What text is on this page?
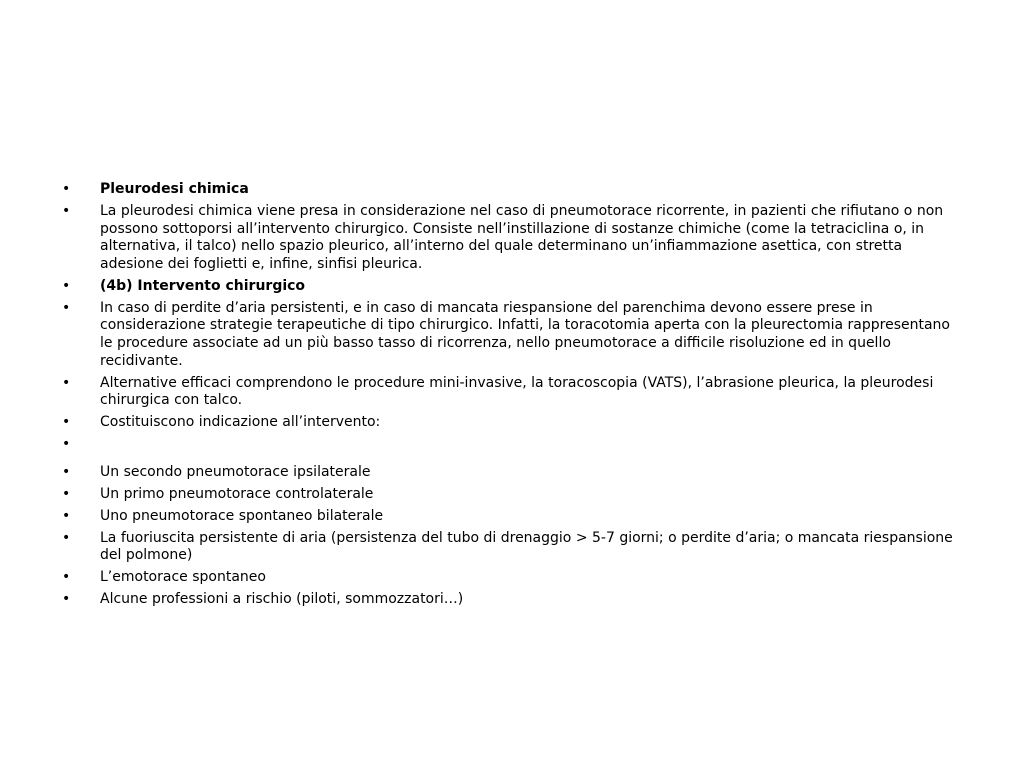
•	Pleurodesi chimica
•	La pleurodesi chimica viene presa in considerazione nel caso di pneumotorace ricorrente, in pazienti che rifiutano o non possono sottoporsi all’intervento chirurgico. Consiste nell’instillazione di sostanze chimiche (come la tetraciclina o, in alternativa, il talco) nello spazio pleurico, all’interno del quale determinano un’infiammazione asettica, con stretta adesione dei foglietti e, infine, sinfisi pleurica.
•	(4b) Intervento chirurgico
•	In caso di perdite d’aria persistenti, e in caso di mancata riespansione del parenchima devono essere prese in considerazione strategie terapeutiche di tipo chirurgico. Infatti, la toracotomia aperta con la pleurectomia rappresentano le procedure associate ad un più basso tasso di ricorrenza, nello pneumotorace a difficile risoluzione ed in quello recidivante.
•	Alternative efficaci comprendono le procedure mini-invasive, la toracoscopia (VATS), l’abrasione pleurica, la pleurodesi chirurgica con talco.
•	Costituiscono indicazione all’intervento:
•
•	Un secondo pneumotorace ipsilaterale
•	Un primo pneumotorace controlaterale
•	Uno pneumotorace spontaneo bilaterale
•	La fuoriuscita persistente di aria (persistenza del tubo di drenaggio > 5-7 giorni; o perdite d’aria; o mancata riespansione del polmone)
•	L’emotorace spontaneo
•	Alcune professioni a rischio (piloti, sommozzatori…)
